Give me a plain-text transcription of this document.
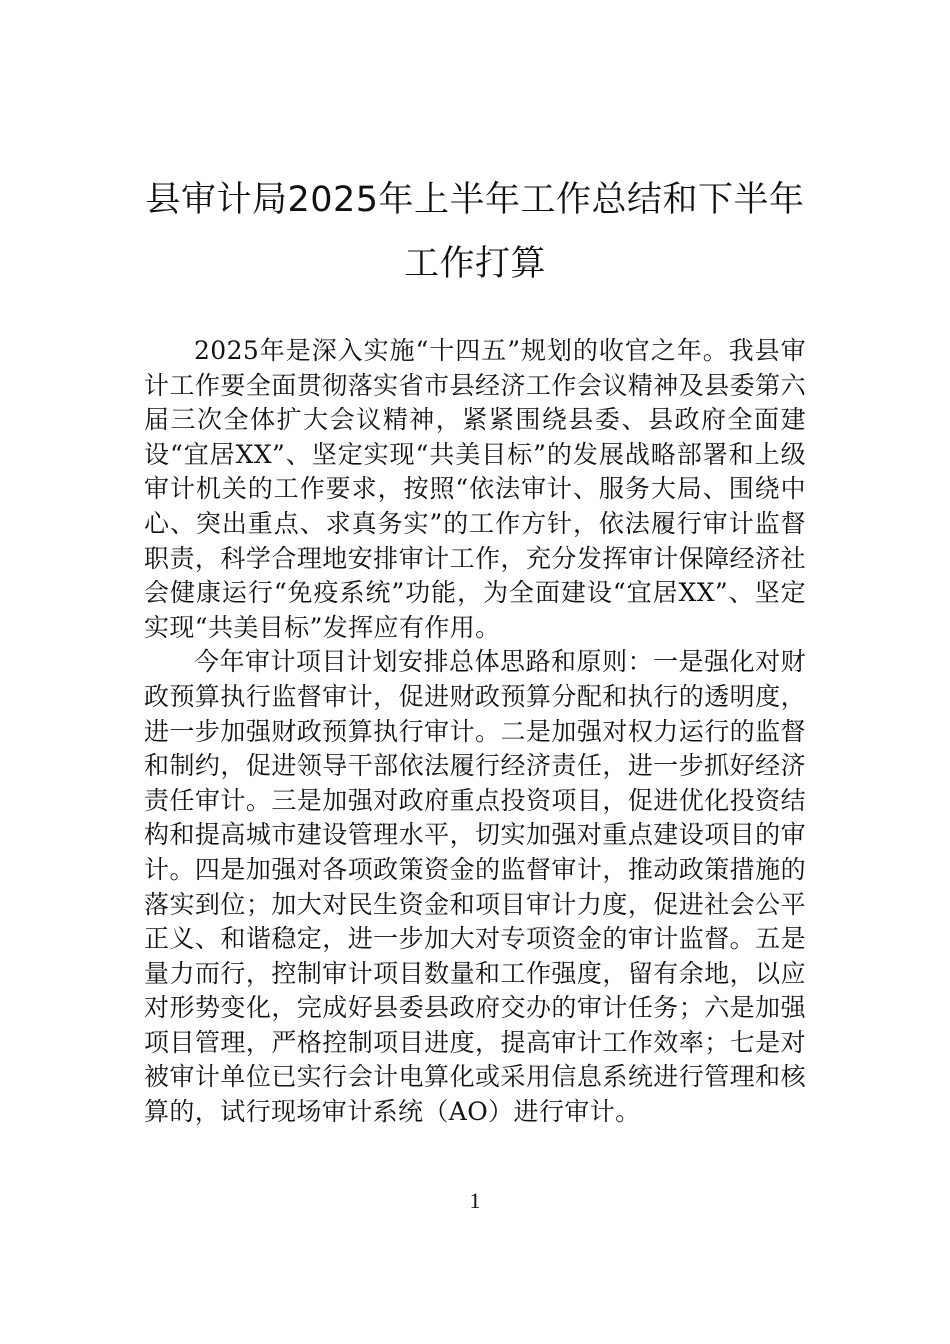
县审计局2025年上半年工作总结和下半年
工作打算

2025年是深入实施“十四五”规划的收官之年。我县审计工作要全面贯彻落实省市县经济工作会议精神及县委第六届三次全体扩大会议精神，紧紧围绕县委、县政府全面建设“宜居XX”、坚定实现“共美目标”的发展战略部署和上级审计机关的工作要求，按照“依法审计、服务大局、围绕中心、突出重点、求真务实”的工作方针，依法履行审计监督职责，科学合理地安排审计工作，充分发挥审计保障经济社会健康运行“免疫系统”功能，为全面建设“宜居XX”、坚定实现“共美目标”发挥应有作用。

今年审计项目计划安排总体思路和原则：一是强化对财政预算执行监督审计，促进财政预算分配和执行的透明度，进一步加强财政预算执行审计。二是加强对权力运行的监督和制约，促进领导干部依法履行经济责任，进一步抓好经济责任审计。三是加强对政府重点投资项目，促进优化投资结构和提高城市建设管理水平，切实加强对重点建设项目的审计。四是加强对各项政策资金的监督审计，推动政策措施的落实到位；加大对民生资金和项目审计力度，促进社会公平正义、和谐稳定，进一步加大对专项资金的审计监督。五是量力而行，控制审计项目数量和工作强度，留有余地，以应对形势变化，完成好县委县政府交办的审计任务；六是加强项目管理，严格控制项目进度，提高审计工作效率；七是对被审计单位已实行会计电算化或采用信息系统进行管理和核算的，试行现场审计系统（AO）进行审计。

1
